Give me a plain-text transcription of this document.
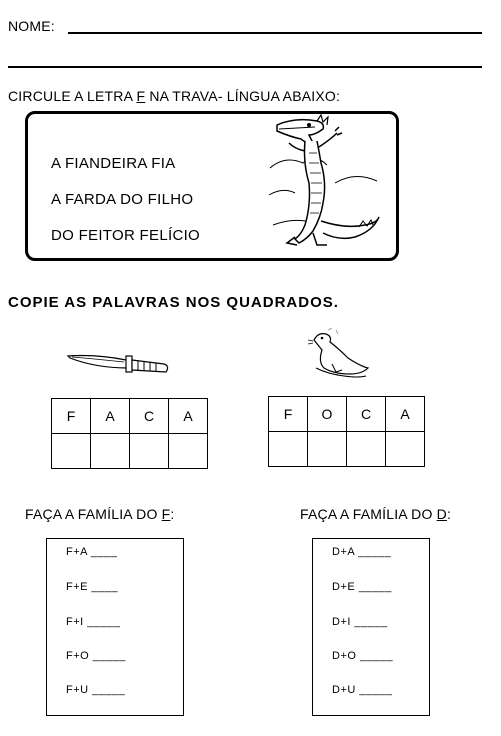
NOME:
CIRCULE A LETRA F NA TRAVA- LÍNGUA ABAIXO:
A FIANDEIRA FIA
A FARDA DO FILHO
DO FEITOR FELÍCIO
COPIE AS PALAVRAS NOS QUADRADOS.
F	A	C	A
				F	O	C	A

FAÇA A FAMÍLIA DO F:	FAÇA A FAMÍLIA DO D:
F+A ____
F+E ____
F+I _____
F+O _____
F+U _____
D+A _____
D+E _____
D+I _____
D+O _____
D+U _____
